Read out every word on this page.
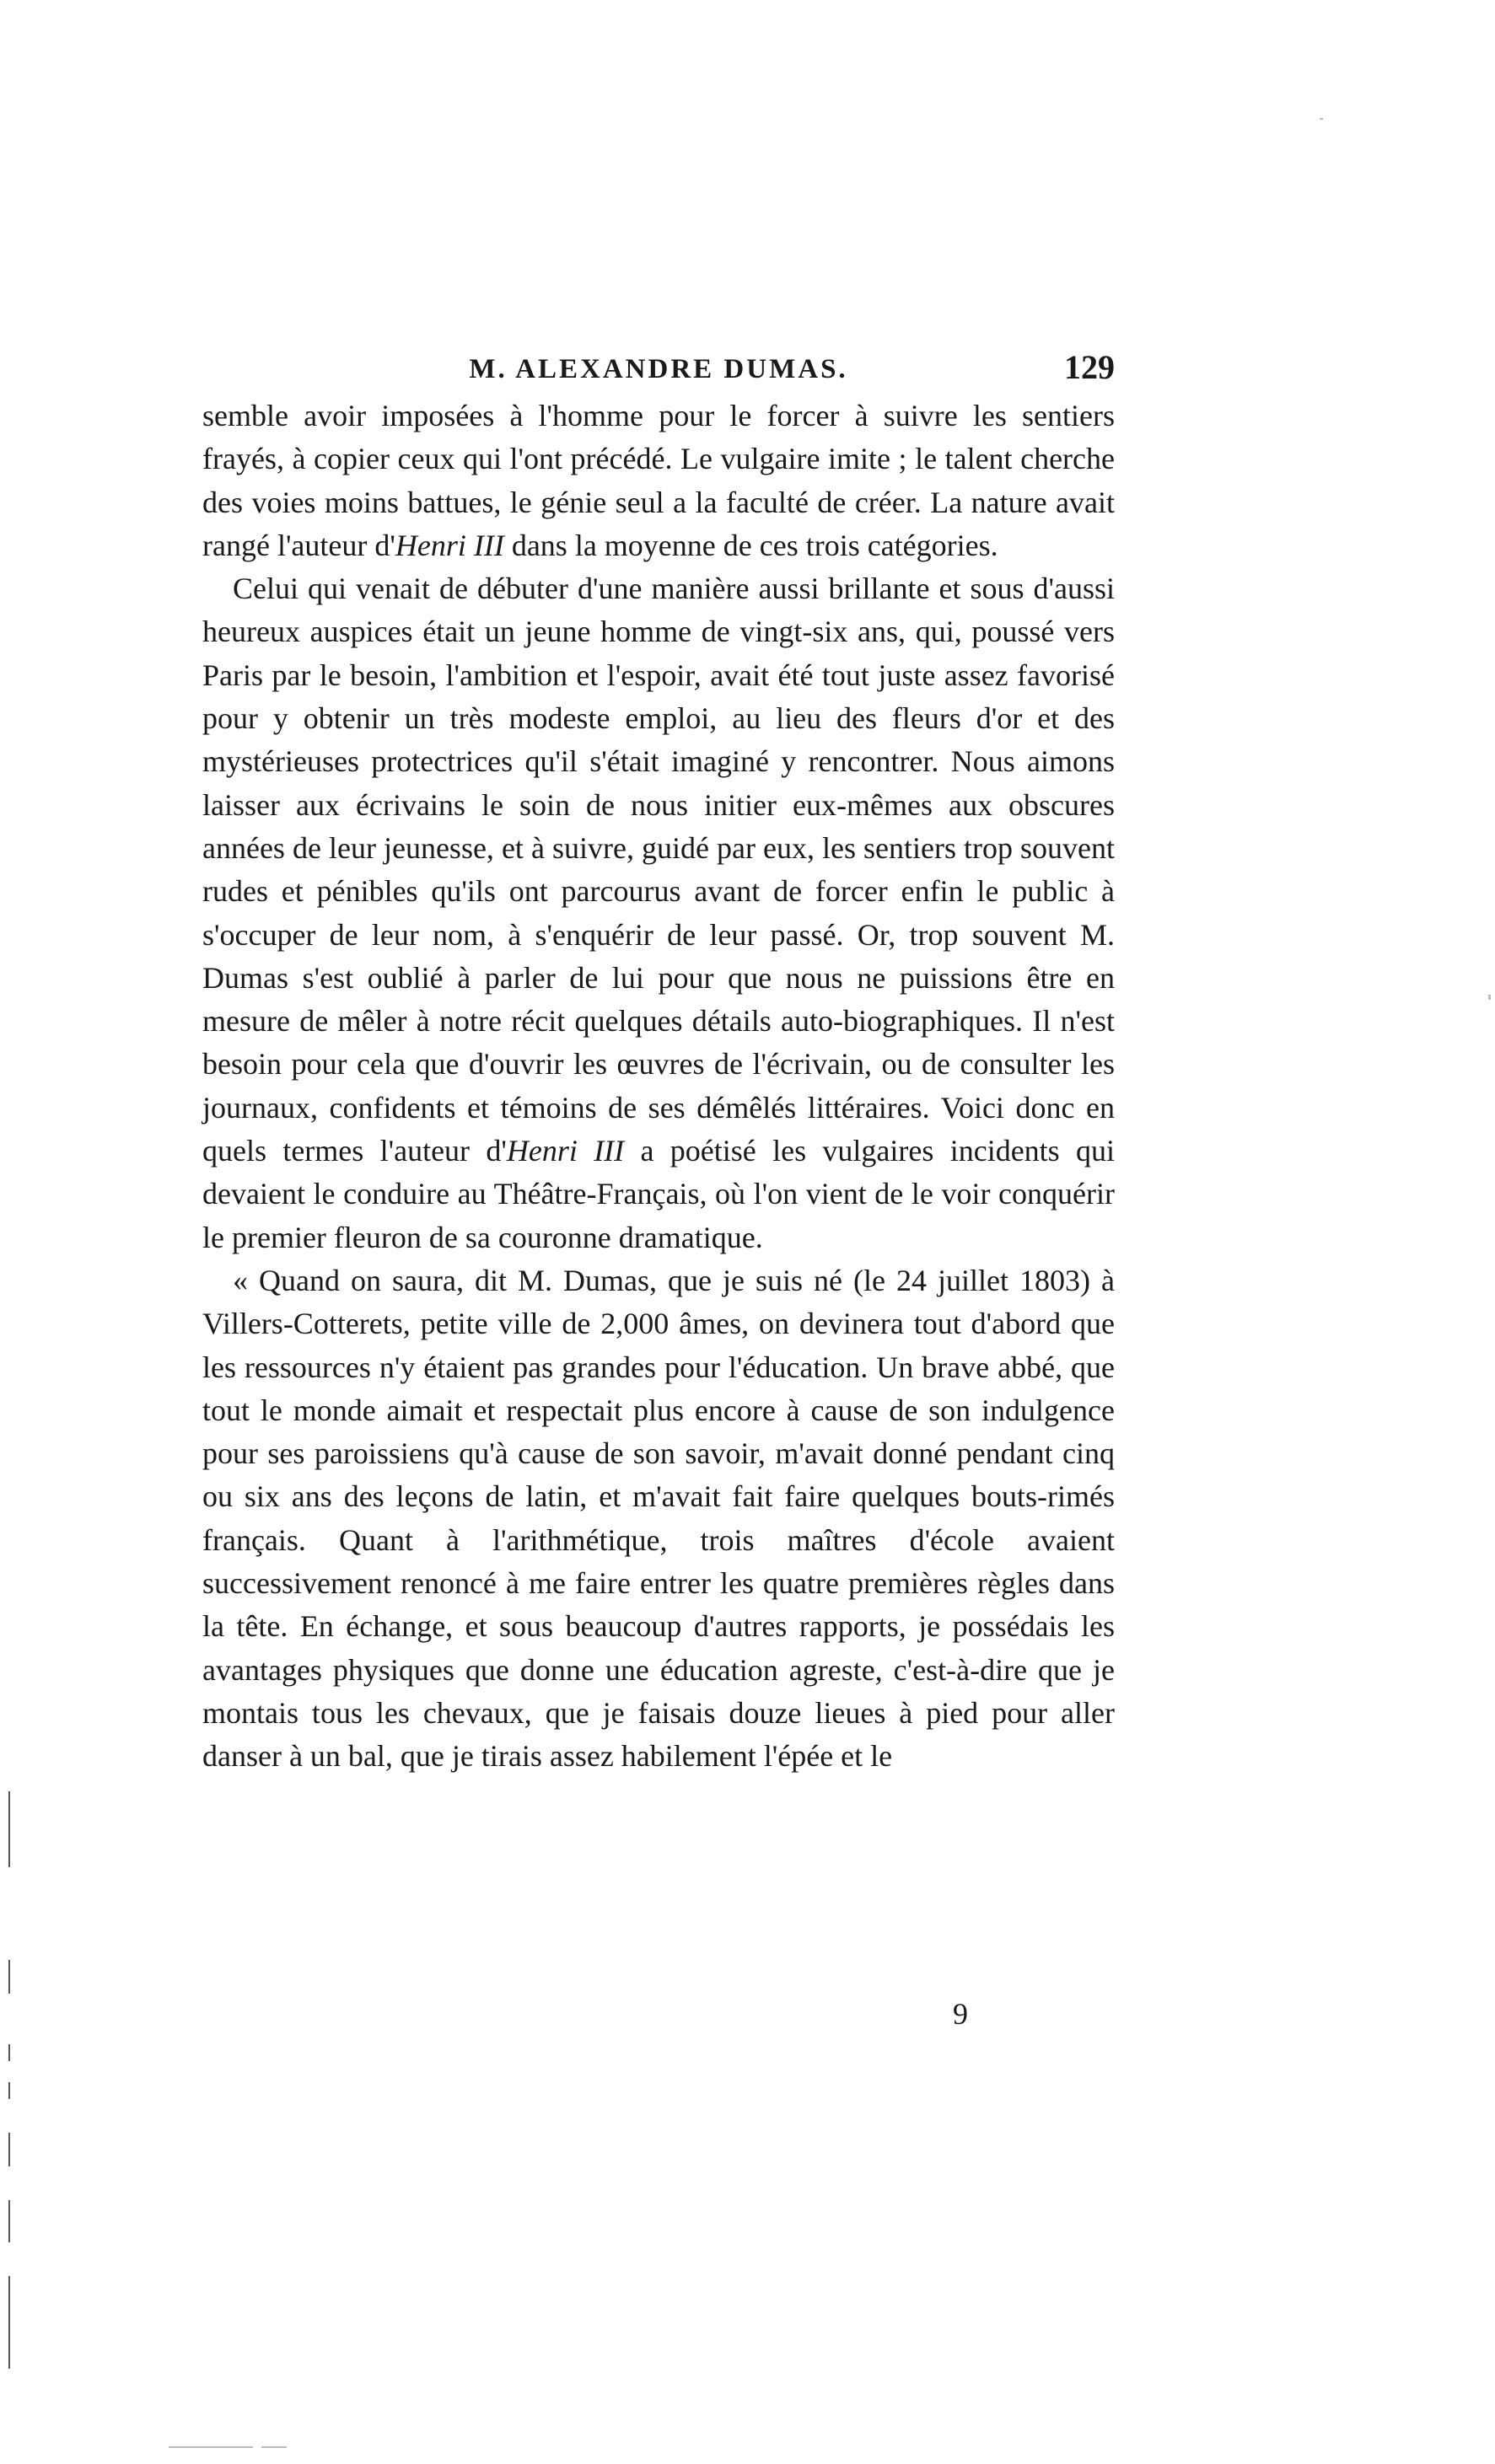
M. ALEXANDRE DUMAS.	129

semble avoir imposées à l'homme pour le forcer à suivre les sentiers frayés, à copier ceux qui l'ont précédé. Le vulgaire imite ; le talent cherche des voies moins battues, le génie seul a la faculté de créer. La nature avait rangé l'auteur d'Henri III dans la moyenne de ces trois catégories.

Celui qui venait de débuter d'une manière aussi brillante et sous d'aussi heureux auspices était un jeune homme de vingt-six ans, qui, poussé vers Paris par le besoin, l'ambition et l'espoir, avait été tout juste assez favorisé pour y obtenir un très modeste emploi, au lieu des fleurs d'or et des mystérieuses protectrices qu'il s'était imaginé y rencontrer. Nous aimons laisser aux écrivains le soin de nous initier eux-mêmes aux obscures années de leur jeunesse, et à suivre, guidé par eux, les sentiers trop souvent rudes et pénibles qu'ils ont parcourus avant de forcer enfin le public à s'occuper de leur nom, à s'enquérir de leur passé. Or, trop souvent M. Dumas s'est oublié à parler de lui pour que nous ne puissions être en mesure de mêler à notre récit quelques détails auto-biographiques. Il n'est besoin pour cela que d'ouvrir les œuvres de l'écrivain, ou de consulter les journaux, confidents et témoins de ses démêlés littéraires. Voici donc en quels termes l'auteur d'Henri III a poétisé les vulgaires incidents qui devaient le conduire au Théâtre-Français, où l'on vient de le voir conquérir le premier fleuron de sa couronne dramatique.

« Quand on saura, dit M. Dumas, que je suis né (le 24 juillet 1803) à Villers-Cotterets, petite ville de 2,000 âmes, on devinera tout d'abord que les ressources n'y étaient pas grandes pour l'éducation. Un brave abbé, que tout le monde aimait et respectait plus encore à cause de son indulgence pour ses paroissiens qu'à cause de son savoir, m'avait donné pendant cinq ou six ans des leçons de latin, et m'avait fait faire quelques bouts-rimés français. Quant à l'arithmétique, trois maîtres d'école avaient successivement renoncé à me faire entrer les quatre premières règles dans la tête. En échange, et sous beaucoup d'autres rapports, je possédais les avantages physiques que donne une éducation agreste, c'est-à-dire que je montais tous les chevaux, que je faisais douze lieues à pied pour aller danser à un bal, que je tirais assez habilement l'épée et le

9
